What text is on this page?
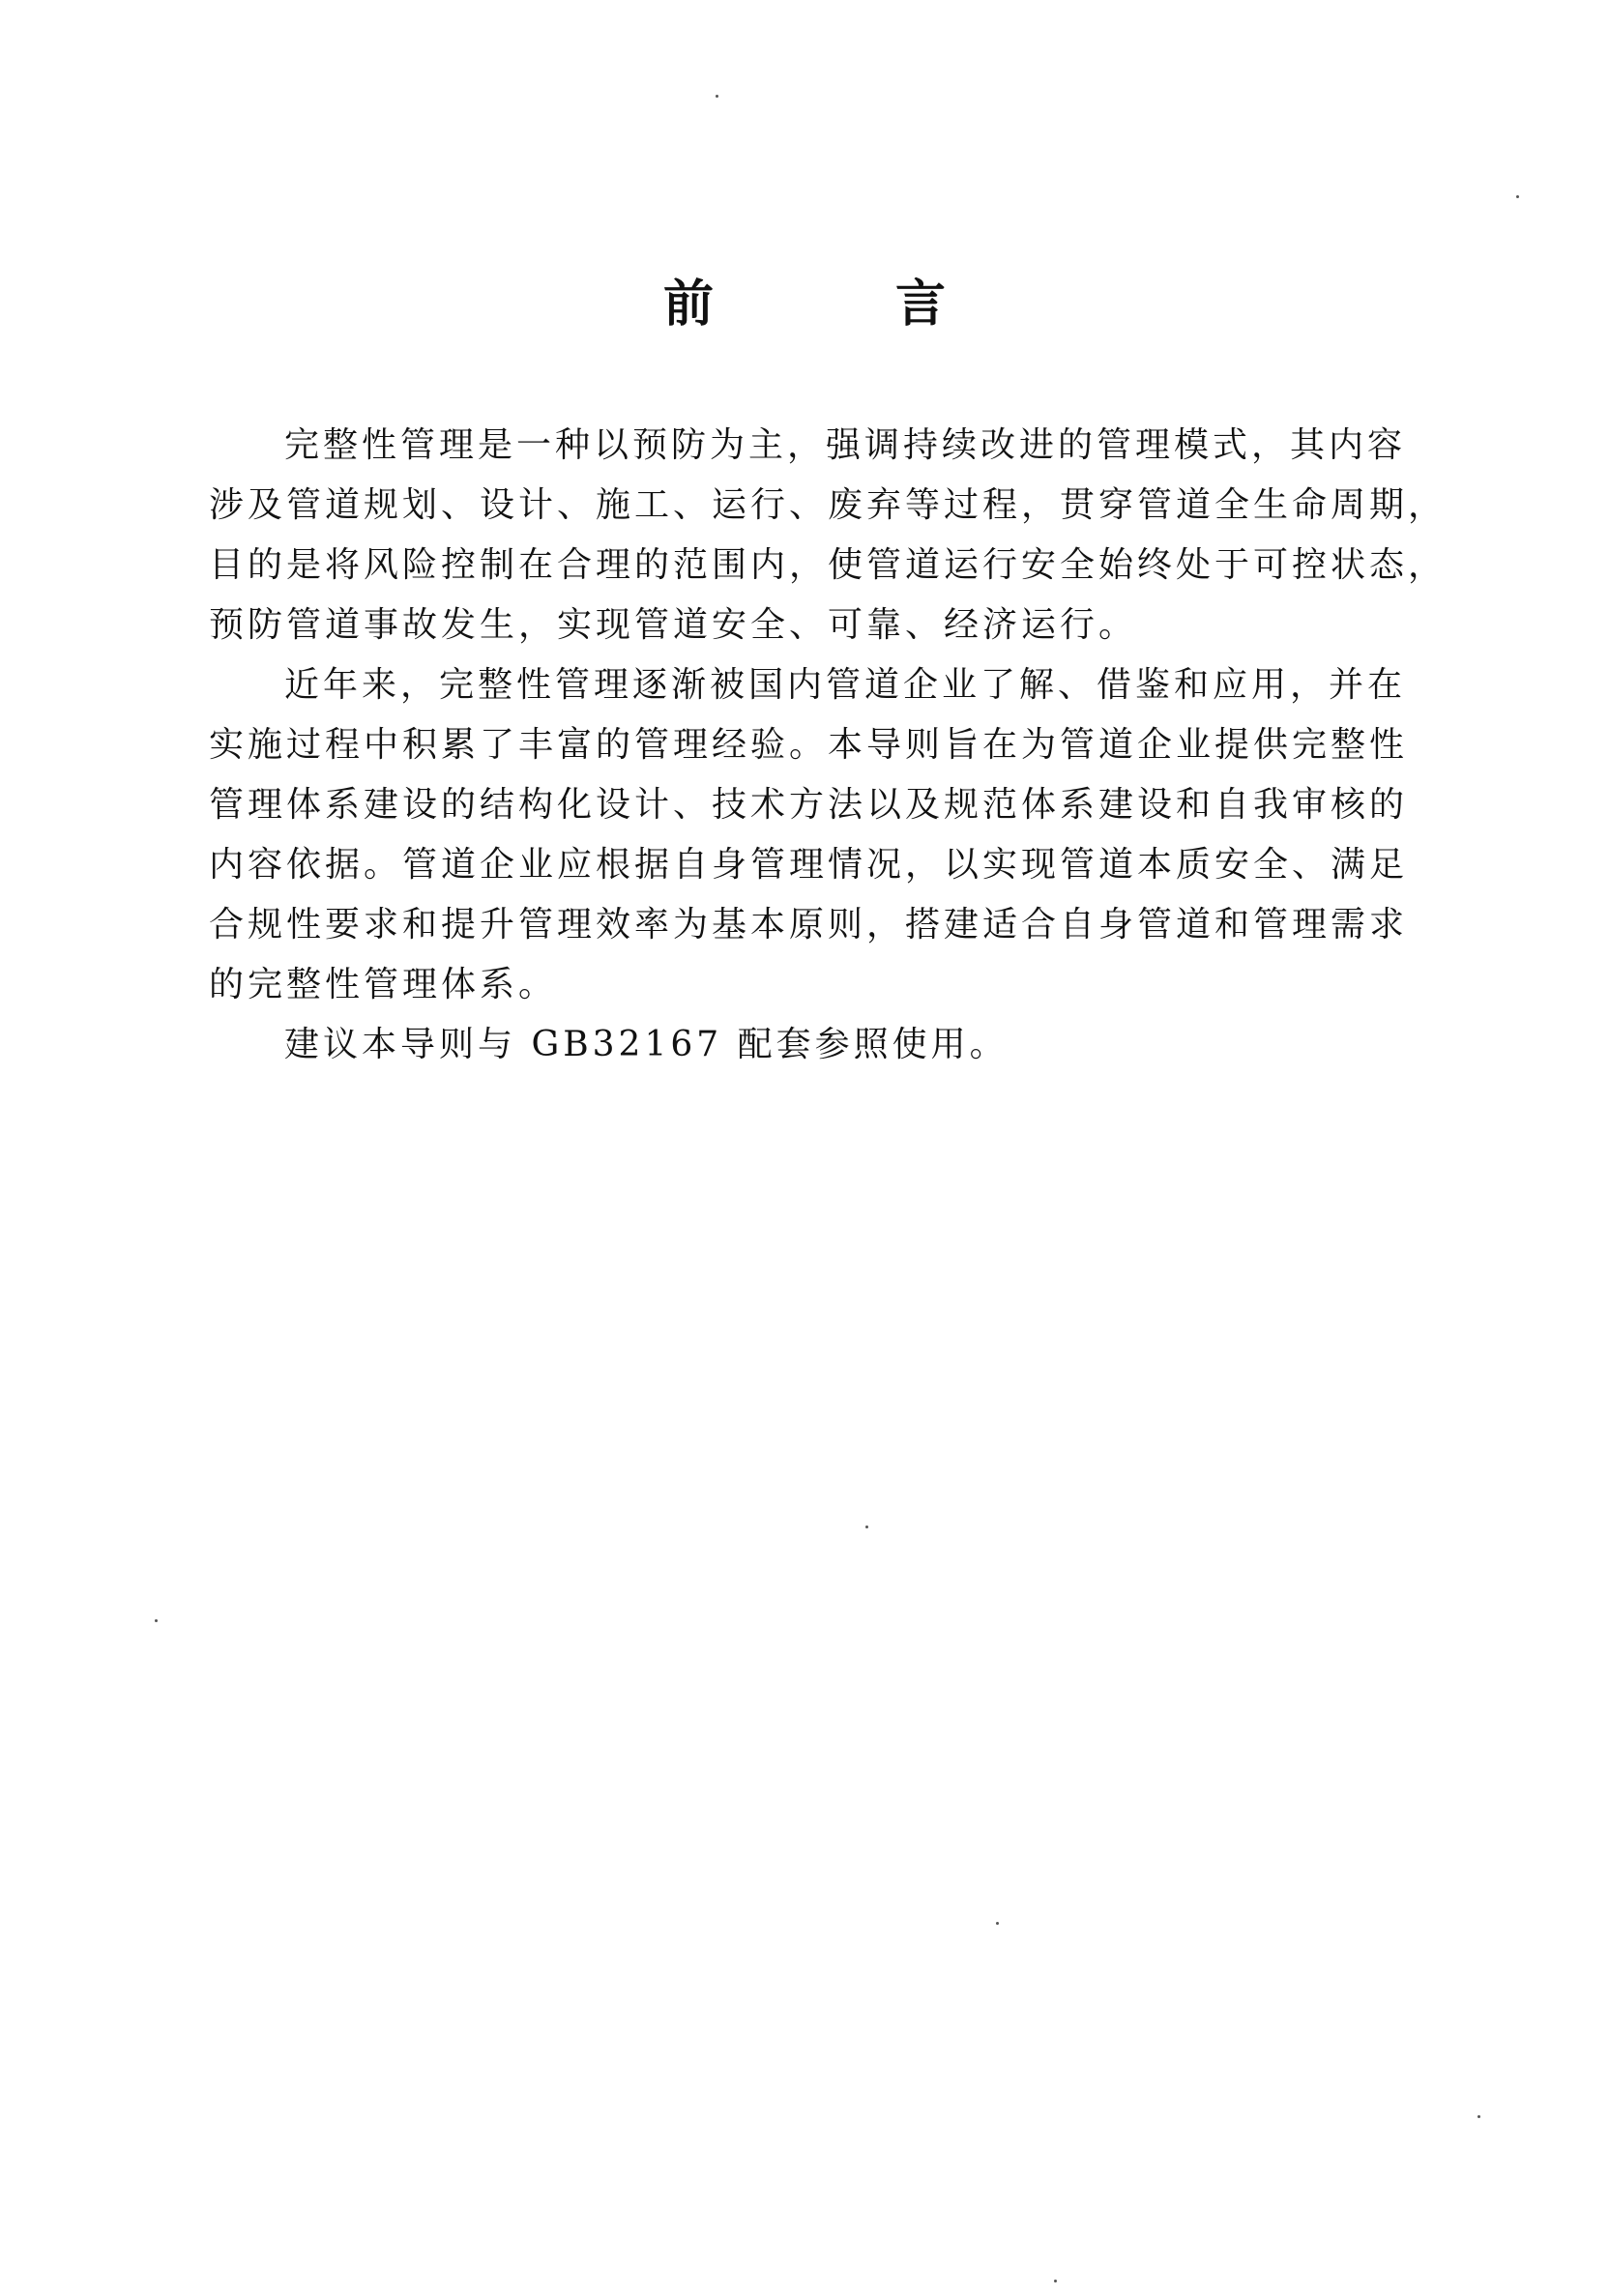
前　言

完整性管理是一种以预防为主，强调持续改进的管理模式，其内容
涉及管道规划、设计、施工、运行、废弃等过程，贯穿管道全生命周期，
目的是将风险控制在合理的范围内，使管道运行安全始终处于可控状态，
预防管道事故发生，实现管道安全、可靠、经济运行。

近年来，完整性管理逐渐被国内管道企业了解、借鉴和应用，并在
实施过程中积累了丰富的管理经验。本导则旨在为管道企业提供完整性
管理体系建设的结构化设计、技术方法以及规范体系建设和自我审核的
内容依据。管道企业应根据自身管理情况，以实现管道本质安全、满足
合规性要求和提升管理效率为基本原则，搭建适合自身管道和管理需求
的完整性管理体系。

建议本导则与 GB32167 配套参照使用。
